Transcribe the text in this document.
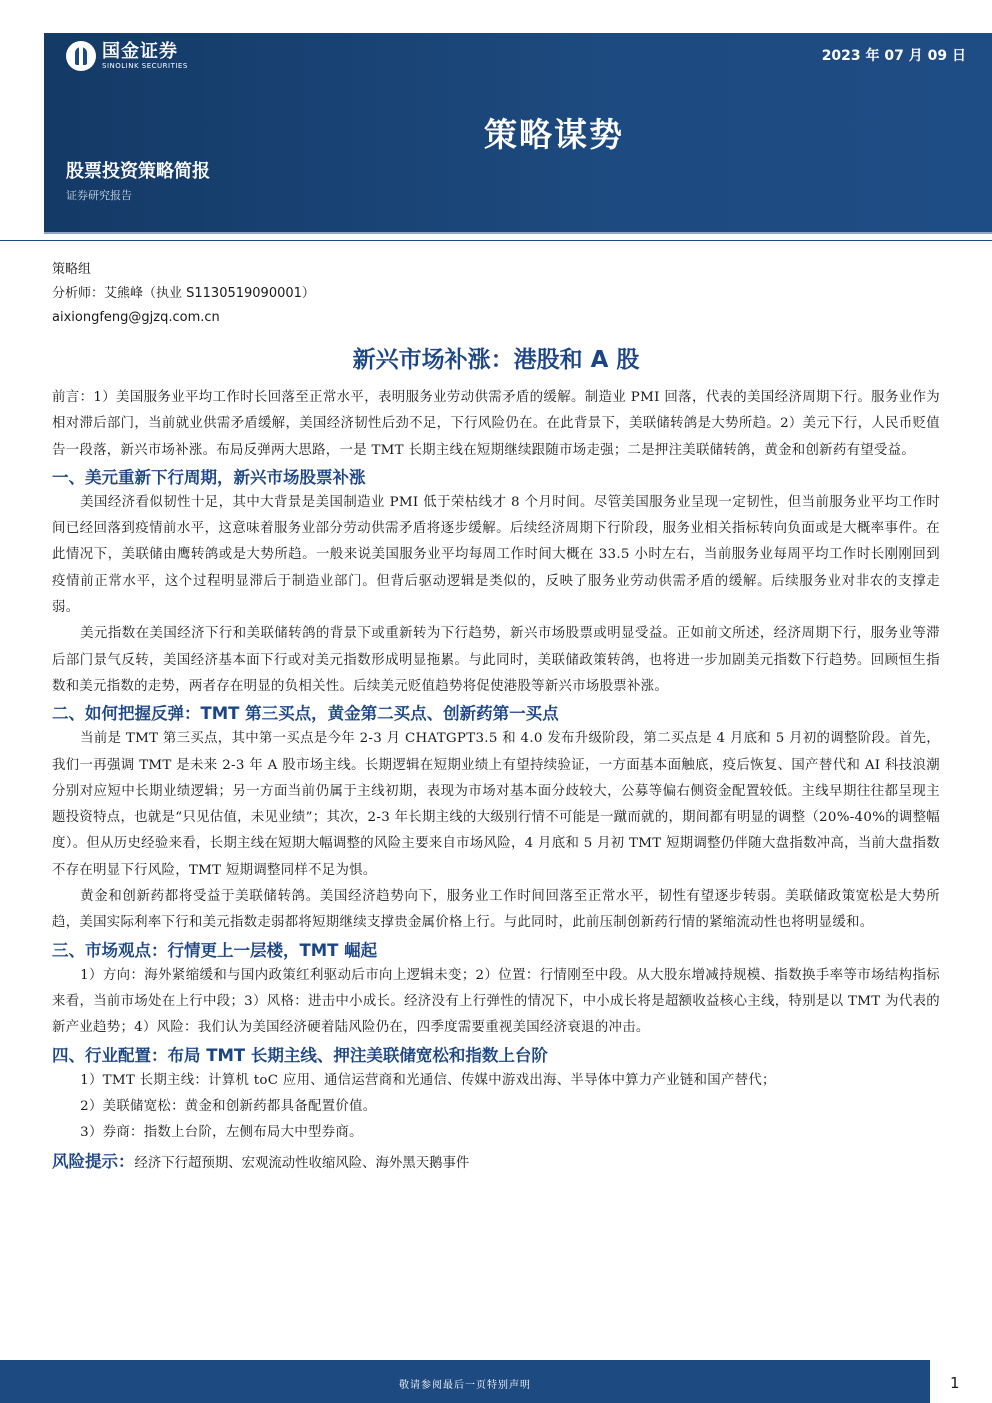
国金证券
SINOLINK SECURITIES
2023 年 07 月 09 日
策略谋势
股票投资策略简报
证券研究报告
策略组
分析师：艾熊峰（执业 S1130519090001）
aixiongfeng@gjzq.com.cn
新兴市场补涨：港股和 A 股

前言：1）美国服务业平均工作时长回落至正常水平，表明服务业劳动供需矛盾的缓解。制造业 PMI 回落，代表的美国经济周期下行。服务业作为相对滞后部门，当前就业供需矛盾缓解，美国经济韧性后劲不足，下行风险仍在。在此背景下，美联储转鸽是大势所趋。2）美元下行，人民币贬值告一段落，新兴市场补涨。布局反弹两大思路，一是 TMT 长期主线在短期继续跟随市场走强；二是押注美联储转鸽，黄金和创新药有望受益。

一、美元重新下行周期，新兴市场股票补涨

美国经济看似韧性十足，其中大背景是美国制造业 PMI 低于荣枯线才 8 个月时间。尽管美国服务业呈现一定韧性，但当前服务业平均工作时间已经回落到疫情前水平，这意味着服务业部分劳动供需矛盾将逐步缓解。后续经济周期下行阶段，服务业相关指标转向负面或是大概率事件。在此情况下，美联储由鹰转鸽或是大势所趋。一般来说美国服务业平均每周工作时间大概在 33.5 小时左右，当前服务业每周平均工作时长刚刚回到疫情前正常水平，这个过程明显滞后于制造业部门。但背后驱动逻辑是类似的，反映了服务业劳动供需矛盾的缓解。后续服务业对非农的支撑走弱。

美元指数在美国经济下行和美联储转鸽的背景下或重新转为下行趋势，新兴市场股票或明显受益。正如前文所述，经济周期下行，服务业等滞后部门景气反转，美国经济基本面下行或对美元指数形成明显拖累。与此同时，美联储政策转鸽，也将进一步加剧美元指数下行趋势。回顾恒生指数和美元指数的走势，两者存在明显的负相关性。后续美元贬值趋势将促使港股等新兴市场股票补涨。

二、如何把握反弹：TMT 第三买点，黄金第二买点、创新药第一买点

当前是 TMT 第三买点，其中第一买点是今年 2-3 月 CHATGPT3.5 和 4.0 发布升级阶段，第二买点是 4 月底和 5 月初的调整阶段。首先，我们一再强调 TMT 是未来 2-3 年 A 股市场主线。长期逻辑在短期业绩上有望持续验证，一方面基本面触底，疫后恢复、国产替代和 AI 科技浪潮分别对应短中长期业绩逻辑；另一方面当前仍属于主线初期，表现为市场对基本面分歧较大，公募等偏右侧资金配置较低。主线早期往往都呈现主题投资特点，也就是“只见估值，未见业绩”；其次，2-3 年长期主线的大级别行情不可能是一蹴而就的，期间都有明显的调整（20%-40%的调整幅度）。但从历史经验来看，长期主线在短期大幅调整的风险主要来自市场风险，4 月底和 5 月初 TMT 短期调整仍伴随大盘指数冲高，当前大盘指数不存在明显下行风险，TMT 短期调整同样不足为惧。

黄金和创新药都将受益于美联储转鸽。美国经济趋势向下，服务业工作时间回落至正常水平，韧性有望逐步转弱。美联储政策宽松是大势所趋，美国实际利率下行和美元指数走弱都将短期继续支撑贵金属价格上行。与此同时，此前压制创新药行情的紧缩流动性也将明显缓和。

三、市场观点：行情更上一层楼，TMT 崛起

1）方向：海外紧缩缓和与国内政策红利驱动后市向上逻辑未变；2）位置：行情刚至中段。从大股东增减持规模、指数换手率等市场结构指标来看，当前市场处在上行中段；3）风格：进击中小成长。经济没有上行弹性的情况下，中小成长将是超额收益核心主线，特别是以 TMT 为代表的新产业趋势；4）风险：我们认为美国经济硬着陆风险仍在，四季度需要重视美国经济衰退的冲击。

四、行业配置：布局 TMT 长期主线、押注美联储宽松和指数上台阶

1）TMT 长期主线：计算机 toC 应用、通信运营商和光通信、传媒中游戏出海、半导体中算力产业链和国产替代；

2）美联储宽松：黄金和创新药都具备配置价值。

3）券商：指数上台阶，左侧布局大中型券商。

风险提示：经济下行超预期、宏观流动性收缩风险、海外黑天鹅事件
敬请参阅最后一页特别声明	1
